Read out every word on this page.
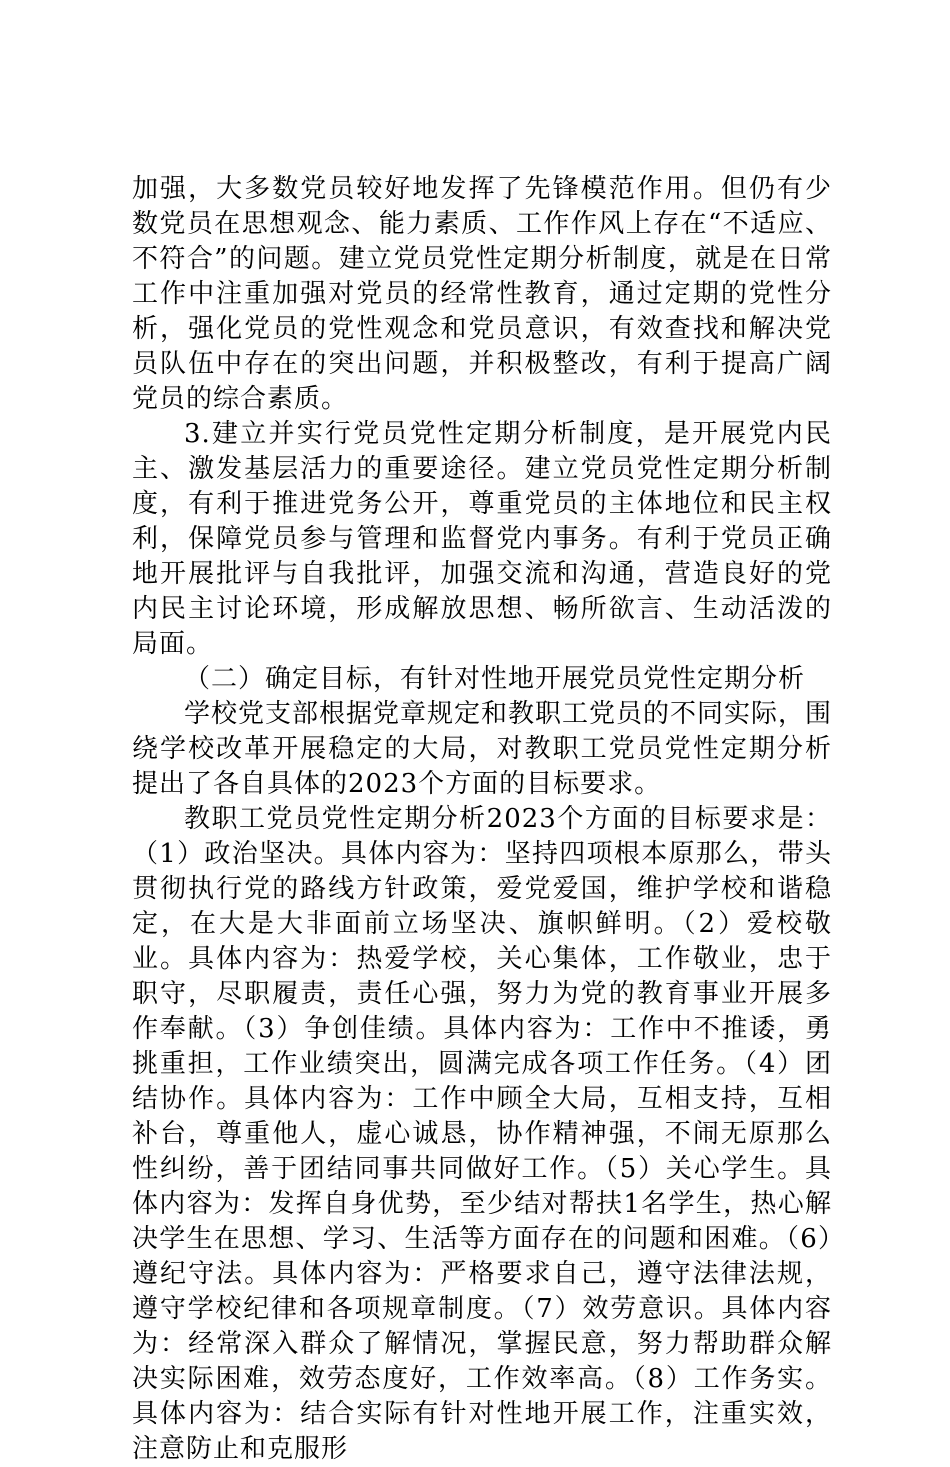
加强，大多数党员较好地发挥了先锋模范作用。但仍有少数党员在思想观念、能力素质、工作作风上存在“不适应、不符合”的问题。建立党员党性定期分析制度，就是在日常工作中注重加强对党员的经常性教育，通过定期的党性分析，强化党员的党性观念和党员意识，有效查找和解决党员队伍中存在的突出问题，并积极整改，有利于提高广阔党员的综合素质。

3.建立并实行党员党性定期分析制度，是开展党内民主、激发基层活力的重要途径。建立党员党性定期分析制度，有利于推进党务公开，尊重党员的主体地位和民主权利，保障党员参与管理和监督党内事务。有利于党员正确地开展批评与自我批评，加强交流和沟通，营造良好的党内民主讨论环境，形成解放思想、畅所欲言、生动活泼的局面。

（二）确定目标，有针对性地开展党员党性定期分析

学校党支部根据党章规定和教职工党员的不同实际，围绕学校改革开展稳定的大局，对教职工党员党性定期分析提出了各自具体的2023个方面的目标要求。

教职工党员党性定期分析2023个方面的目标要求是：（1）政治坚决。具体内容为：坚持四项根本原那么，带头贯彻执行党的路线方针政策，爱党爱国，维护学校和谐稳定，在大是大非面前立场坚决、旗帜鲜明。（2）爱校敬业。具体内容为：热爱学校，关心集体，工作敬业，忠于职守，尽职履责，责任心强，努力为党的教育事业开展多作奉献。（3）争创佳绩。具体内容为：工作中不推诿，勇挑重担，工作业绩突出，圆满完成各项工作任务。（4）团结协作。具体内容为：工作中顾全大局，互相支持，互相补台，尊重他人，虚心诚恳，协作精神强，不闹无原那么性纠纷，善于团结同事共同做好工作。（5）关心学生。具体内容为：发挥自身优势，至少结对帮扶1名学生，热心解决学生在思想、学习、生活等方面存在的问题和困难。（6）遵纪守法。具体内容为：严格要求自己，遵守法律法规，遵守学校纪律和各项规章制度。（7）效劳意识。具体内容为：经常深入群众了解情况，掌握民意，努力帮助群众解决实际困难，效劳态度好，工作效率高。（8）工作务实。具体内容为：结合实际有针对性地开展工作，注重实效，注意防止和克服形
